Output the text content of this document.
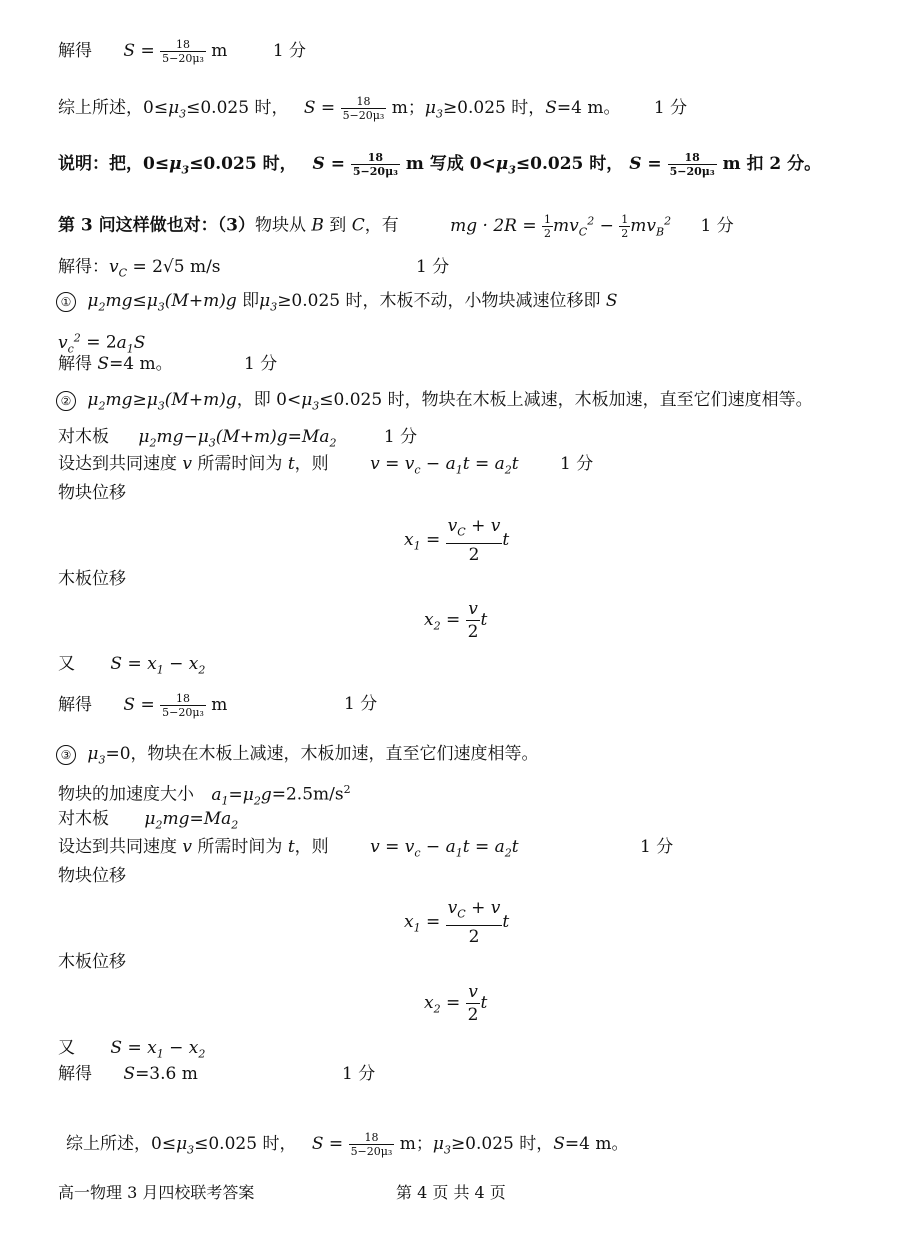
解得 $S = \frac{18}{\text{5−20μ₃}}$ m	1 分
综上所述，$0\le\mu_3\le 0.025$ 时， $S = \frac{18}{\text{5−20μ₃}}$ m；$\mu_3\ge 0.025$ 时，S=4 m。 1 分
说明：把，$0\le\mu_3\le 0.025$ 时， $S = \frac{18}{\text{5−20μ₃}}$ m 写成 $0<\mu_3\le 0.025$ 时， $S = \frac{18}{\text{5−20μ₃}}$ m 扣 2 分。
第 3 问这样做也对：（3）物块从 B 到 C，有	mg · $2R = \frac{1}{2} mv_C^2 - \frac{1}{2} mv_B^2$ 1 分
解得：$v_C = 2√5$ m/s	1 分
① $\mu_2mg\le\mu_3(M+m)g$ 即$\mu_3\ge 0.025$ 时，木板不动，小物块减速位移即 S
$v_c^2 = 2a_1S$
解得 S=4 m。	1 分
② $\mu_2mg\ge\mu_3(M+m)g$，即 $0<\mu_3\le 0.025$ 时，物块在木板上减速，木板加速，直至它们速度相等。
对木板 $\mu_2mg-\mu_3(M+m)g=Ma_2$	1 分
设达到共同速度 v 所需时间为 t，则 $v = v_c - a_1t = a_2t$ 1 分
物块位移
$x_1 = \frac{v_C + v}{2}$ t
木板位移
$x_2 = \frac{v}{2}$ t
又 $S = x_1 - x_2$
解得 $S = \frac{18}{\text{5−20μ₃}}$ m	1 分
③ $\mu_3=0$，物块在木板上减速，木板加速，直至它们速度相等。
物块的加速度大小 $a_1=\mu_2g=2.5m/s^2$
对木板 $\mu_2mg=Ma_2$
设达到共同速度 v 所需时间为 t，则 $v = v_c - a_1t = a_2t$	1 分
物块位移
$x_1 = \frac{v_C + v}{2}$ t
木板位移
$x_2 = \frac{v}{2}$ t
又 $S = x_1 - x_2$
解得 S=3.6 m	1 分
综上所述，$0\le\mu_3\le 0.025$ 时， $S = \frac{18}{\text{5−20μ₃}}$ m；$\mu_3\ge 0.025$ 时，S=4 m。
高一物理 3 月四校联考答案	第 4 页 共 4 页
